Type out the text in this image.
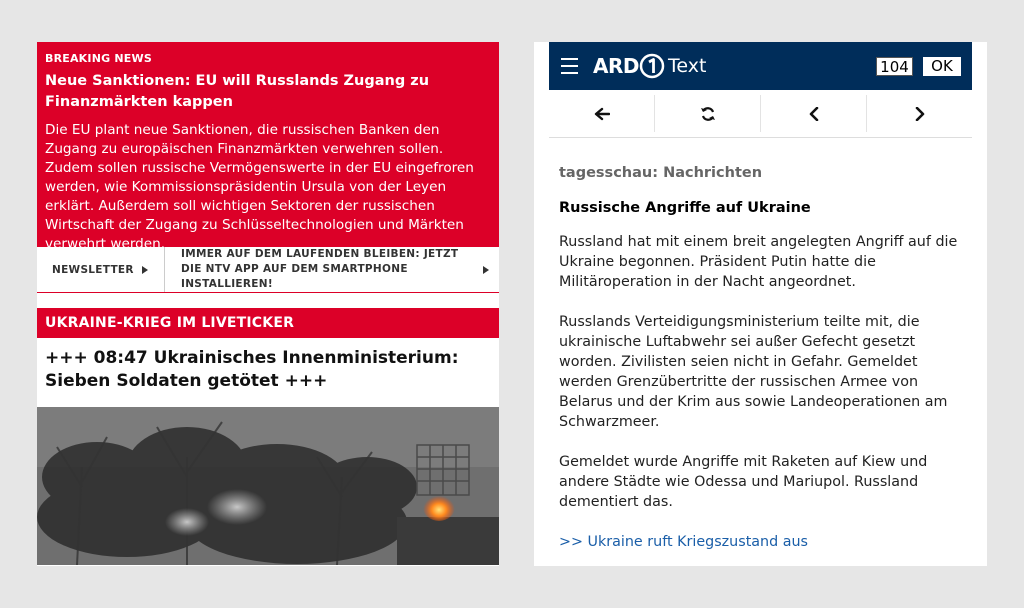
BREAKING NEWS
Neue Sanktionen: EU will Russlands Zugang zu Finanzmärkten kappen
Die EU plant neue Sanktionen, die russischen Banken den Zugang zu europäischen Finanzmärkten verwehren sollen. Zudem sollen russische Vermögenswerte in der EU eingefroren werden, wie Kommissionspräsidentin Ursula von der Leyen erklärt. Außerdem soll wichtigen Sektoren der russischen Wirtschaft der Zugang zu Schlüsseltechnologien und Märkten verwehrt werden.
NEWSLETTER
IMMER AUF DEM LAUFENDEN BLEIBEN: JETZT DIE NTV APP AUF DEM SMARTPHONE INSTALLIEREN!
UKRAINE-KRIEG IM LIVETICKER
+++ 08:47 Ukrainisches Innenministerium: Sieben Soldaten getötet +++
ARD Text	104	OK
tagesschau: Nachrichten
Russische Angriffe auf Ukraine

Russland hat mit einem breit angelegten Angriff auf die Ukraine begonnen. Präsident Putin hatte die Militäroperation in der Nacht angeordnet.

Russlands Verteidigungsministerium teilte mit, die ukrainische Luftabwehr sei außer Gefecht gesetzt worden. Zivilisten seien nicht in Gefahr. Gemeldet werden Grenzübertritte der russischen Armee von Belarus und der Krim aus sowie Landeoperationen am Schwarzmeer.

Gemeldet wurde Angriffe mit Raketen auf Kiew und andere Städte wie Odessa und Mariupol. Russland dementiert das.

>> Ukraine ruft Kriegszustand aus
